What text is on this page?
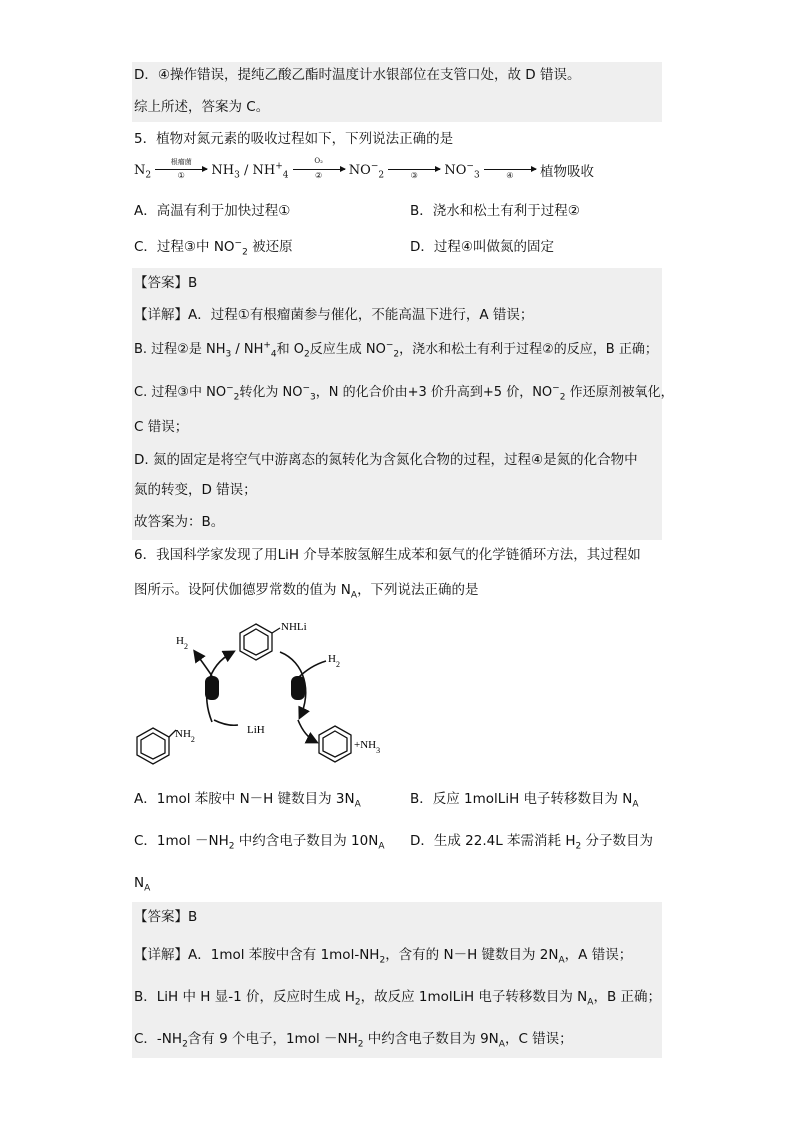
D．④操作错误，提纯乙酸乙酯时温度计水银部位在支管口处，故 D 错误。
综上所述，答案为 C。
5．植物对氮元素的吸收过程如下，下列说法正确的是
$N_2$
根瘤菌
①	$NH_3 / NH^+_4$
O₂
②	$NO^-_2$	③	$NO^-_3$	④	植物吸收
A．高温有利于加快过程①	B．浇水和松土有利于过程②
C．过程③中 $NO^-_2$ 被还原	D．过程④叫做氮的固定
【答案】B
【详解】A．过程①有根瘤菌参与催化，不能高温下进行，A 错误；
B. 过程②是 $NH_3 / NH^+_4$和 $O_2$反应生成 $NO^-_2$，浇水和松土有利于过程②的反应，B 正确；
C. 过程③中 $NO^-_2$转化为 $NO^-_3$，N 的化合价由+3 价升高到+5 价，$NO^-_2$ 作还原剂被氧化，
C 错误；
D. 氮的固定是将空气中游离态的氮转化为含氮化合物的过程，过程④是氮的化合物中
氮的转变，D 错误；
故答案为：B。
6．我国科学家发现了用LiH 介导苯胺氢解生成苯和氨气的化学链循环方法，其过程如
图所示。设阿伏伽德罗常数的值为 $N_A$，下列说法正确的是
NHLi
$NH_2$	$+NH_3$
$H_2$
$H_2$
LiH
A．1mol 苯胺中 N－H 键数目为 $3N_A$	B．反应 1molLiH 电子转移数目为 $N_A$
C．$1mol -NH_2$ 中约含电子数目为 $10N_A$ D．生成 22.4L 苯需消耗 $H_2$ 分子数目为
$N_A$
【答案】B
【详解】A．1mol 苯胺中含有 $1mol-NH_2$，含有的 N－H 键数目为 $2N_A$，A 错误；
B．LiH 中 H 显-1 价，反应时生成 $H_2$，故反应 1molLiH 电子转移数目为 $N_A$，B 正确；
C．$-NH_2$含有 9 个电子，$1mol -NH_2$ 中约含电子数目为 $9N_A$，C 错误；
